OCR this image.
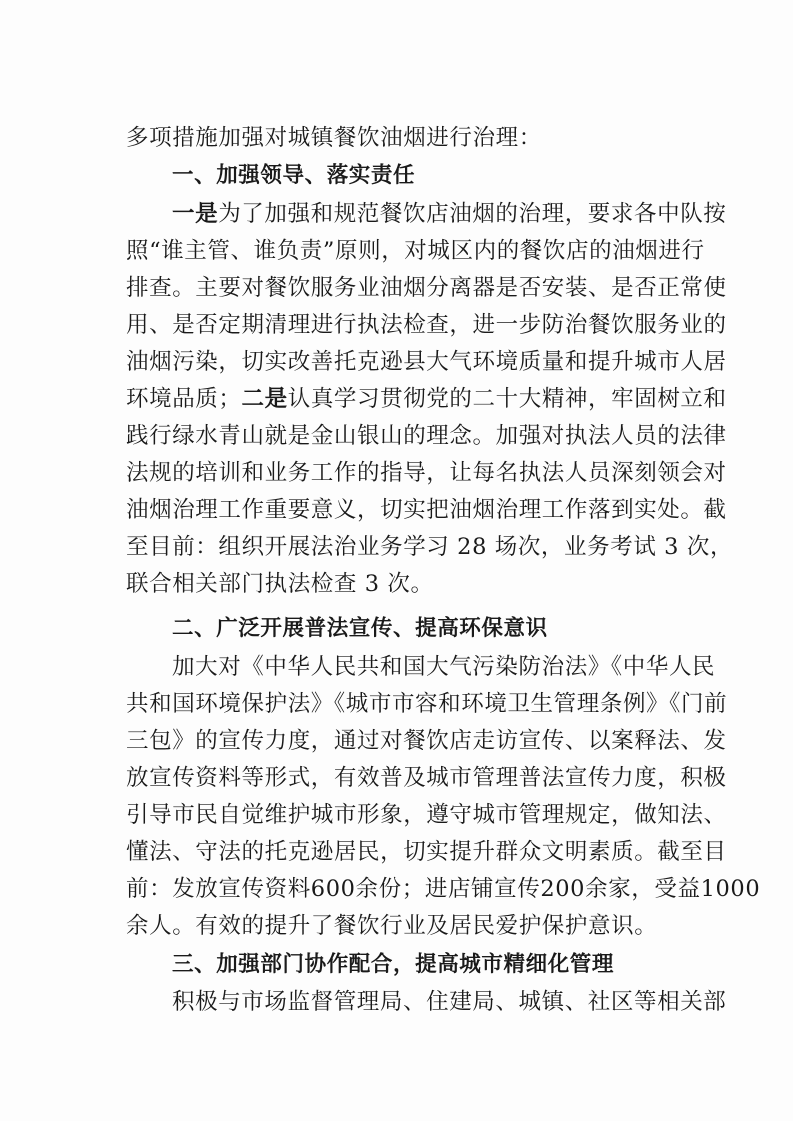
多项措施加强对城镇餐饮油烟进行治理：
一、加强领导、落实责任
一是为了加强和规范餐饮店油烟的治理，要求各中队按
照“谁主管、谁负责”原则，对城区内的餐饮店的油烟进行
排查。主要对餐饮服务业油烟分离器是否安装、是否正常使
用、是否定期清理进行执法检查，进一步防治餐饮服务业的
油烟污染，切实改善托克逊县大气环境质量和提升城市人居
环境品质；二是认真学习贯彻党的二十大精神，牢固树立和
践行绿水青山就是金山银山的理念。加强对执法人员的法律
法规的培训和业务工作的指导，让每名执法人员深刻领会对
油烟治理工作重要意义，切实把油烟治理工作落到实处。截
至目前：组织开展法治业务学习 28 场次，业务考试 3 次，
联合相关部门执法检查 3 次。
二、广泛开展普法宣传、提高环保意识
加大对《中华人民共和国大气污染防治法》《中华人民
共和国环境保护法》《城市市容和环境卫生管理条例》《门前
三包》的宣传力度，通过对餐饮店走访宣传、以案释法、发
放宣传资料等形式，有效普及城市管理普法宣传力度，积极
引导市民自觉维护城市形象，遵守城市管理规定，做知法、
懂法、守法的托克逊居民，切实提升群众文明素质。截至目
前：发放宣传资料600余份；进店铺宣传200余家，受益1000
余人。有效的提升了餐饮行业及居民爱护保护意识。
三、加强部门协作配合，提高城市精细化管理
积极与市场监督管理局、住建局、城镇、社区等相关部
